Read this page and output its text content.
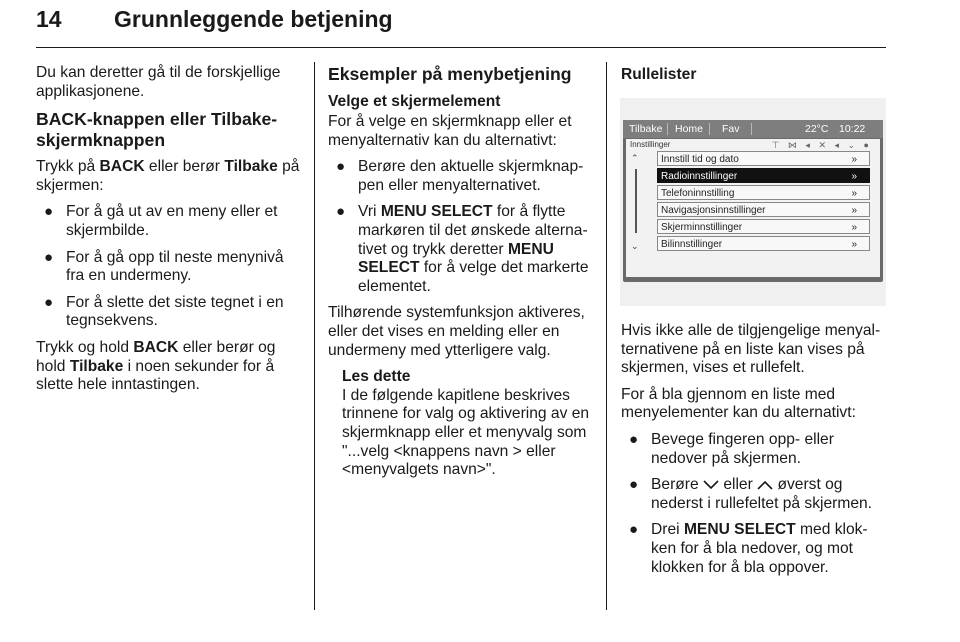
14 Grunnleggende betjening

Du kan deretter gå til de forskjellige applikasjonene.

BACK-knappen eller Tilbake-skjermknappen

Trykk på BACK eller berør Tilbake på skjermen:

● For å gå ut av en meny eller et skjermbilde.
● For å gå opp til neste menynivå fra en undermeny.
● For å slette det siste tegnet i en tegnsekvens.

Trykk og hold BACK eller berør og hold Tilbake i noen sekunder for å slette hele inntastingen.

Eksempler på menybetjening
Velge et skjermelement

For å velge en skjermknapp eller et menyalternativ kan du alternativt:

● Berøre den aktuelle skjermknap-pen eller menyalternativet.
● Vri MENU SELECT for å flytte markøren til det ønskede alterna-tivet og trykk deretter MENU SELECT for å velge det markerte elementet.

Tilhørende systemfunksjon aktiveres, eller det vises en melding eller en undermeny med ytterligere valg.

Les dette
I de følgende kapitlene beskrives trinnene for valg og aktivering av en skjermknapp eller et menyvalg som "...velg <knappens navn > eller <menyvalgets navn>".
Rullelister
Tilbake Home Fav	22°C 10:22
Innstillinger	⊤ ⋈ ◂ ✕ ◂ ⌄ ●
⌃
⌄
Innstill tid og dato	»
Radioinnstillinger	»
Telefoninnstilling	»
Navigasjonsinnstillinger	»
Skjerminnstillinger	»
Bilinnstillinger	»

Hvis ikke alle de tilgjengelige menyal-ternativene på en liste kan vises på skjermen, vises et rullefelt.

For å bla gjennom en liste med menyelementer kan du alternativt:

● Bevege fingeren opp- eller nedover på skjermen.
● Berøre  eller  øverst og nederst i rullefeltet på skjermen.
● Drei MENU SELECT med klok-ken for å bla nedover, og mot klokken for å bla oppover.
